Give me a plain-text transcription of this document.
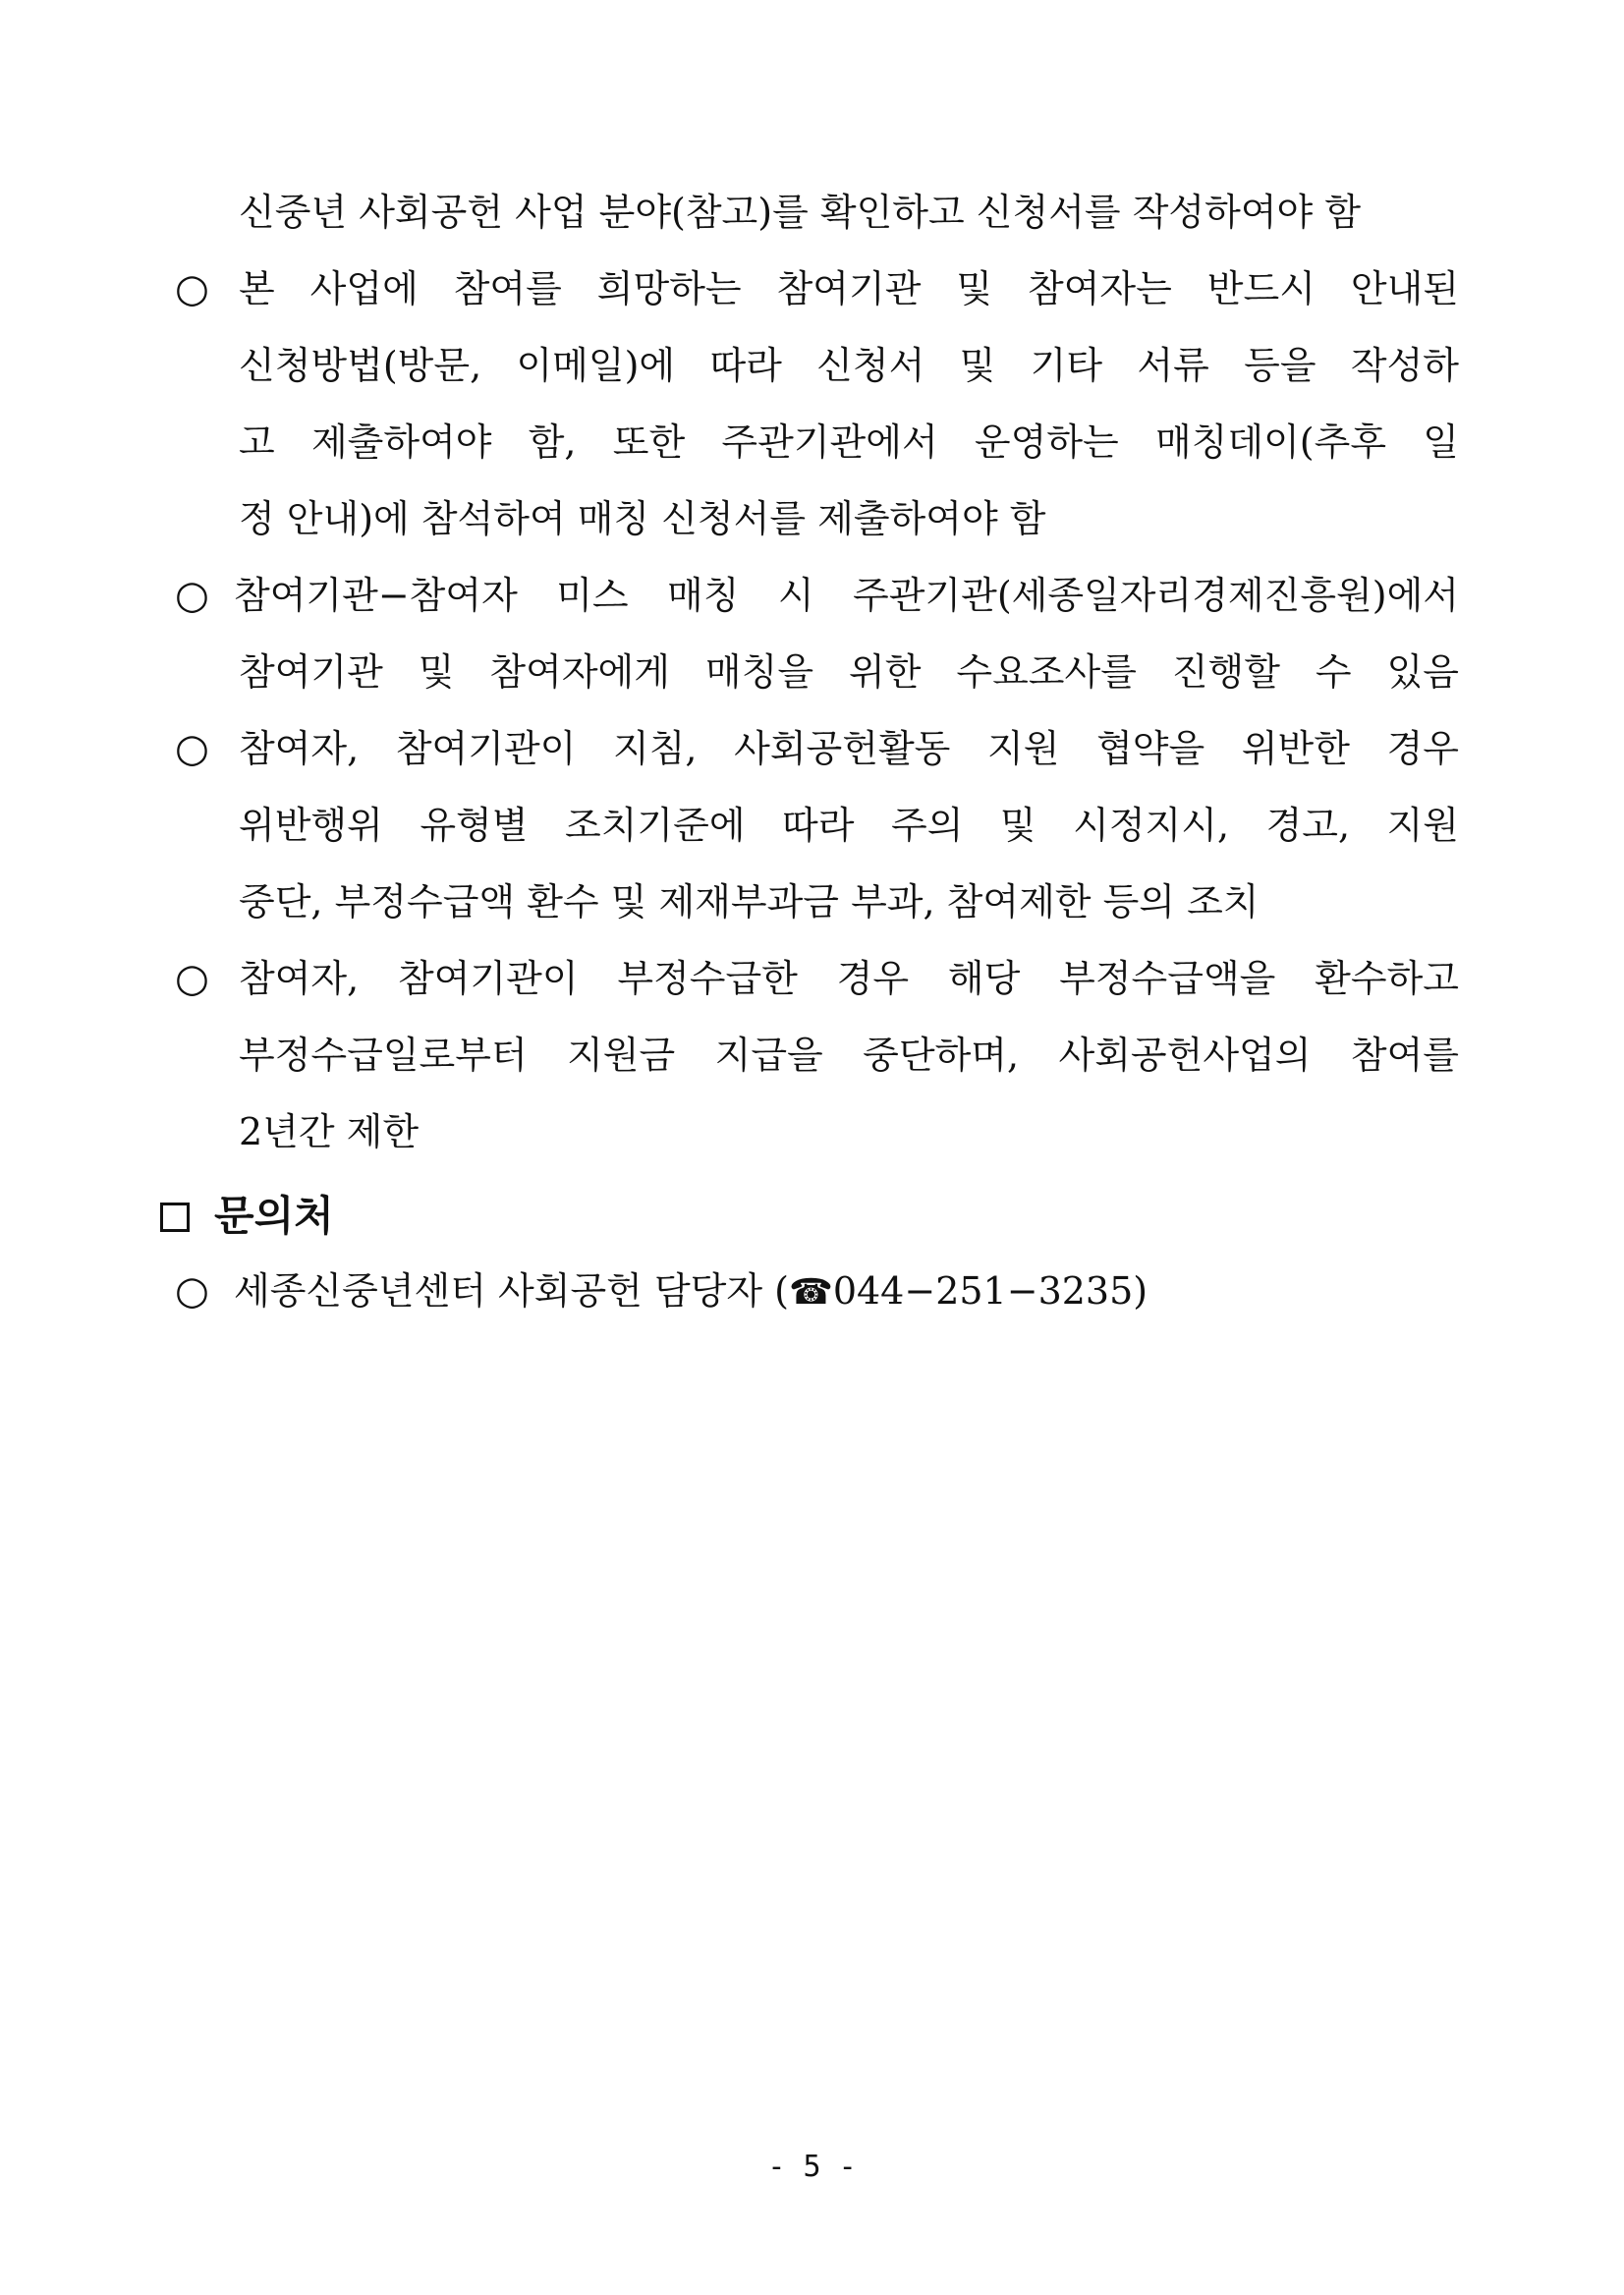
신중년 사회공헌 사업 분야(참고)를 확인하고 신청서를 작성하여야 함
○ 본 사업에 참여를 희망하는 참여기관 및 참여자는 반드시 안내된
신청방법(방문, 이메일)에 따라 신청서 및 기타 서류 등을 작성하
고 제출하여야 함, 또한 주관기관에서 운영하는 매칭데이(추후 일
정 안내)에 참석하여 매칭 신청서를 제출하여야 함
○ 참여기관−참여자 미스 매칭 시 주관기관(세종일자리경제진흥원)에서
참여기관 및 참여자에게 매칭을 위한 수요조사를 진행할 수 있음
○ 참여자, 참여기관이 지침, 사회공헌활동 지원 협약을 위반한 경우
위반행위 유형별 조치기준에 따라 주의 및 시정지시, 경고, 지원
중단, 부정수급액 환수 및 제재부과금 부과, 참여제한 등의 조치
○ 참여자, 참여기관이 부정수급한 경우 해당 부정수급액을 환수하고
부정수급일로부터 지원금 지급을 중단하며, 사회공헌사업의 참여를
2년간 제한
문의처
○ 세종신중년센터 사회공헌 담당자 (☎044−251−3235)
- 5 -
